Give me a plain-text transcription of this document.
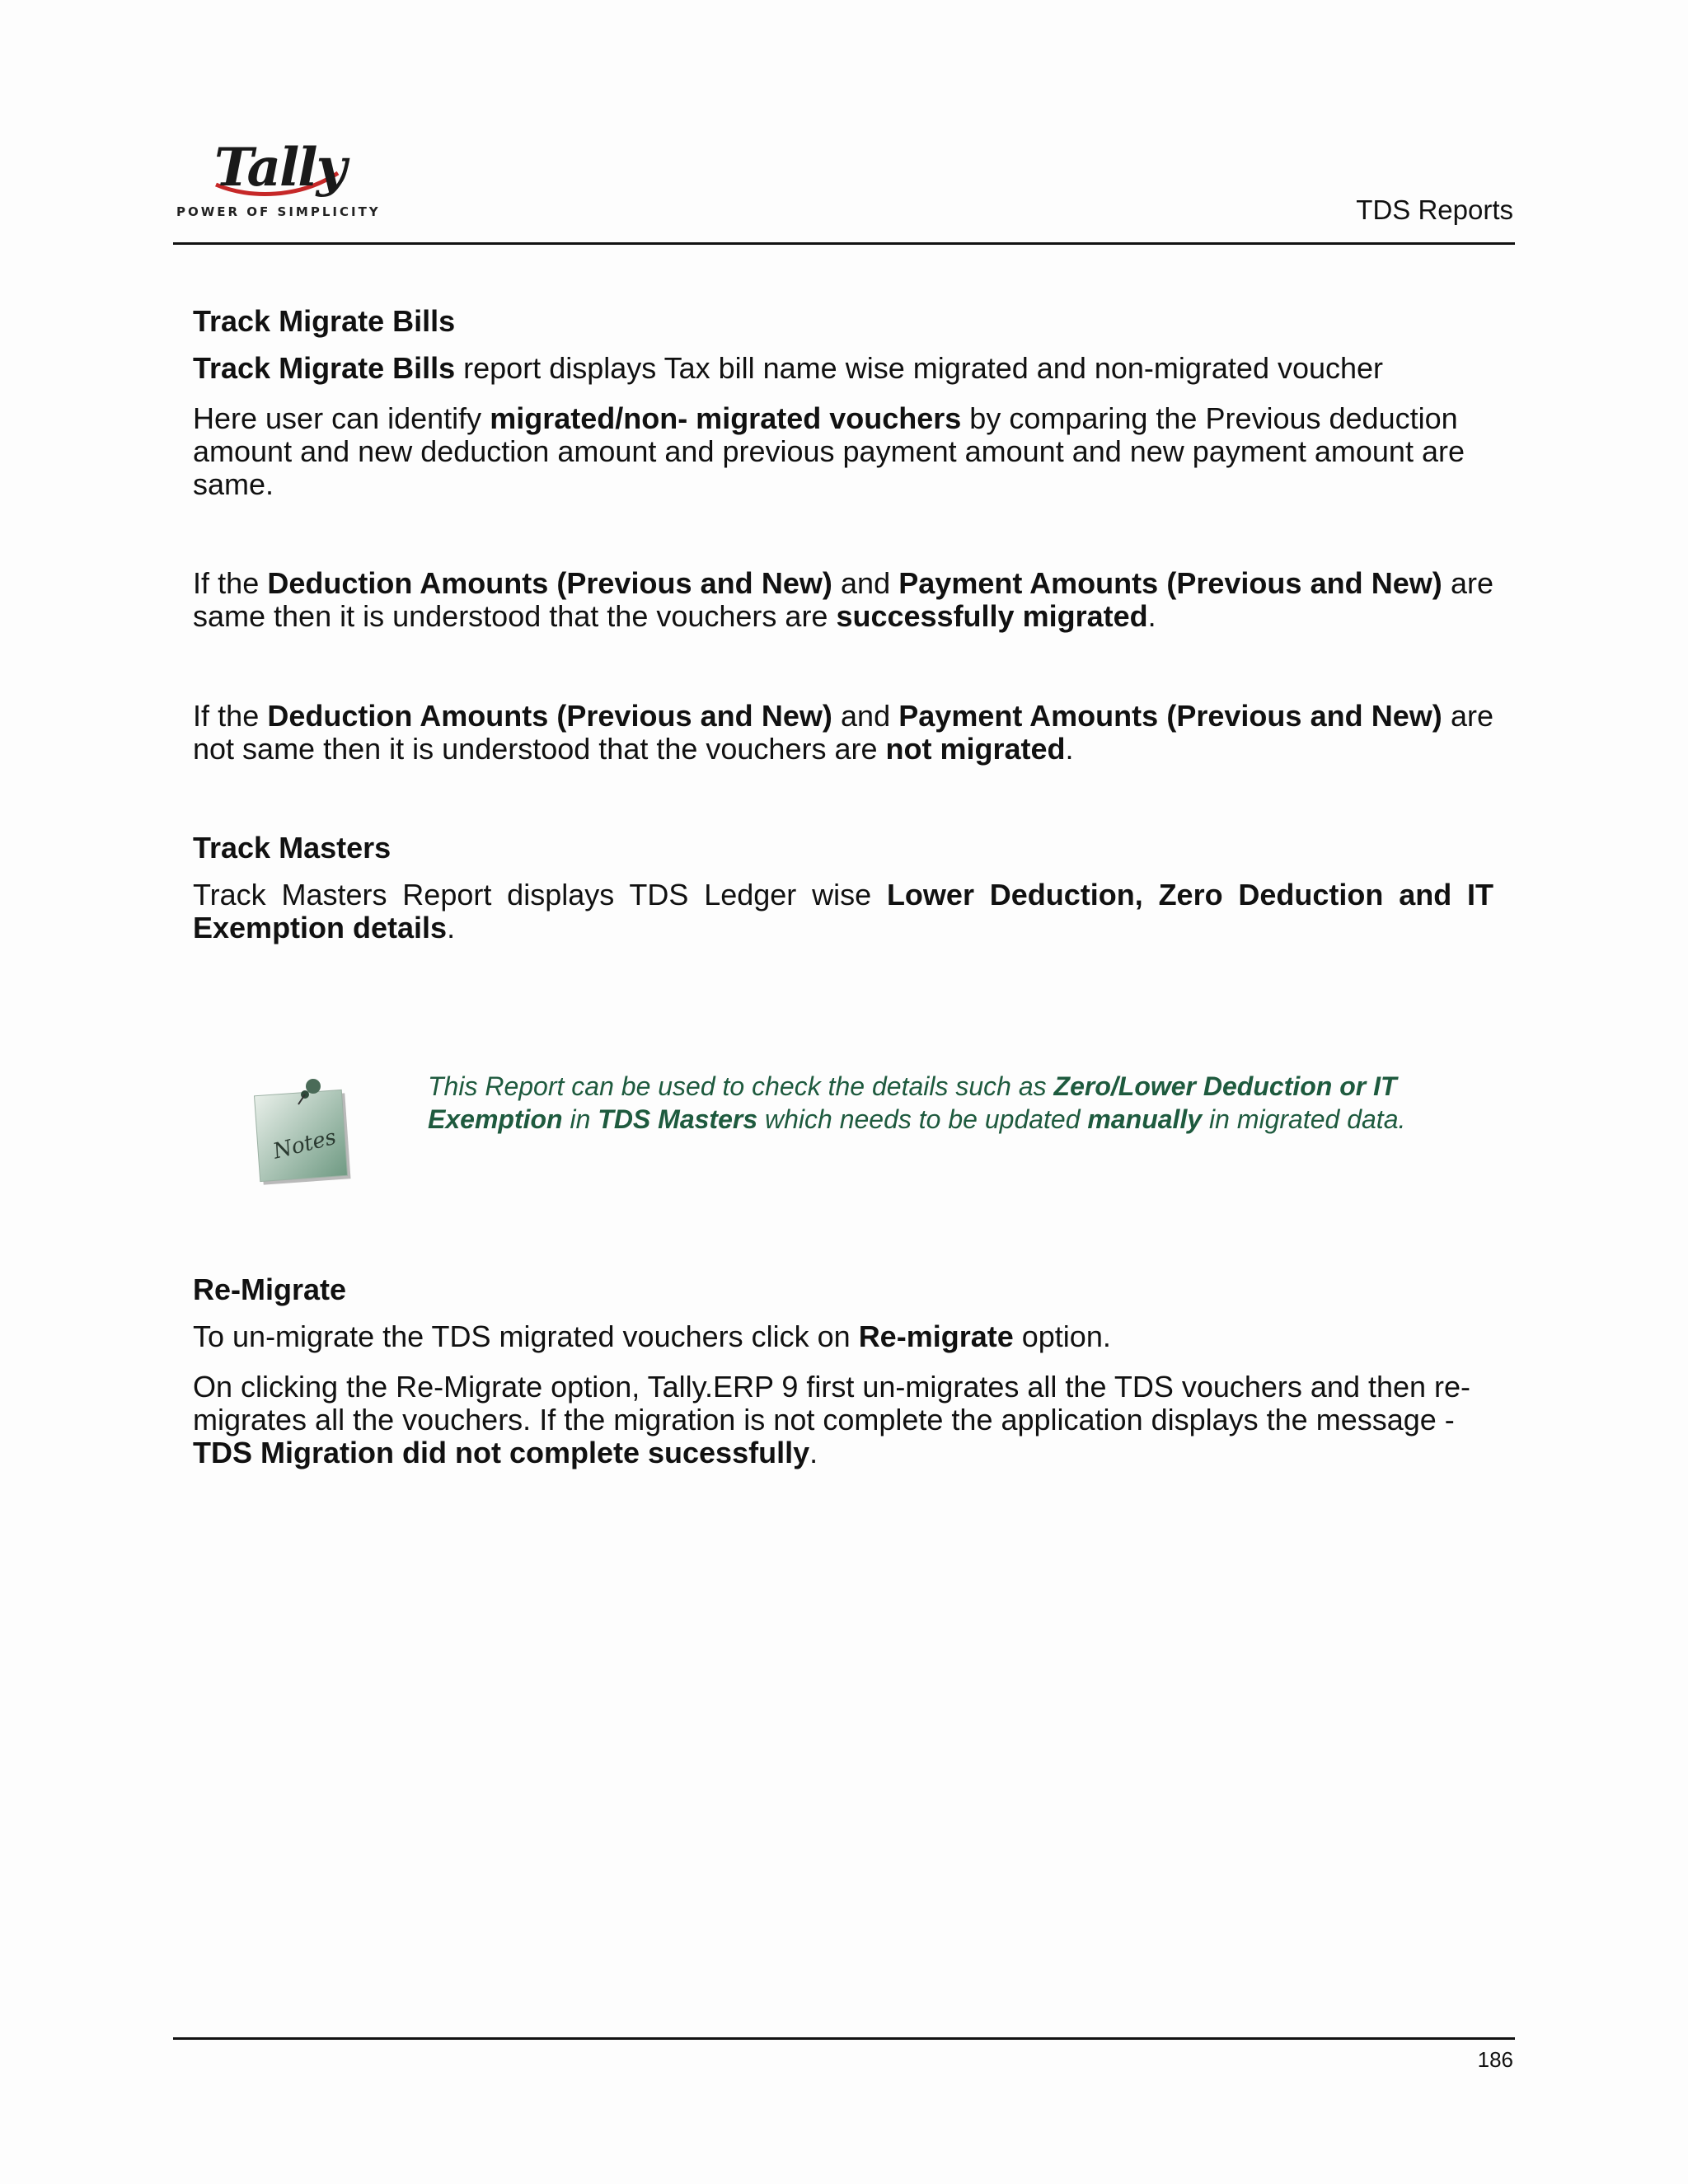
Tally
POWER OF SIMPLICITY	TDS Reports

Track Migrate Bills

Track Migrate Bills report displays Tax bill name wise migrated and non-migrated voucher

Here user can identify migrated/non- migrated vouchers by comparing the Previous deduction amount and new deduction amount and previous payment amount and new payment amount are same.

If the Deduction Amounts (Previous and New) and Payment Amounts (Previous and New) are same then it is understood that the vouchers are successfully migrated.

If the Deduction Amounts (Previous and New) and Payment Amounts (Previous and New) are not same then it is understood that the vouchers are not migrated.

Track Masters

Track Masters Report displays TDS Ledger wise Lower Deduction, Zero Deduction and IT Exemption details.

Notes
This Report can be used to check the details such as Zero/Lower Deduction or IT Exemption in TDS Masters which needs to be updated manually in migrated data.

Re-Migrate

To un-migrate the TDS migrated vouchers click on Re-migrate option.

On clicking the Re-Migrate option, Tally.ERP 9 first un-migrates all the TDS vouchers and then re-migrates all the vouchers. If the migration is not complete the application displays the message - TDS Migration did not complete sucessfully.

186
